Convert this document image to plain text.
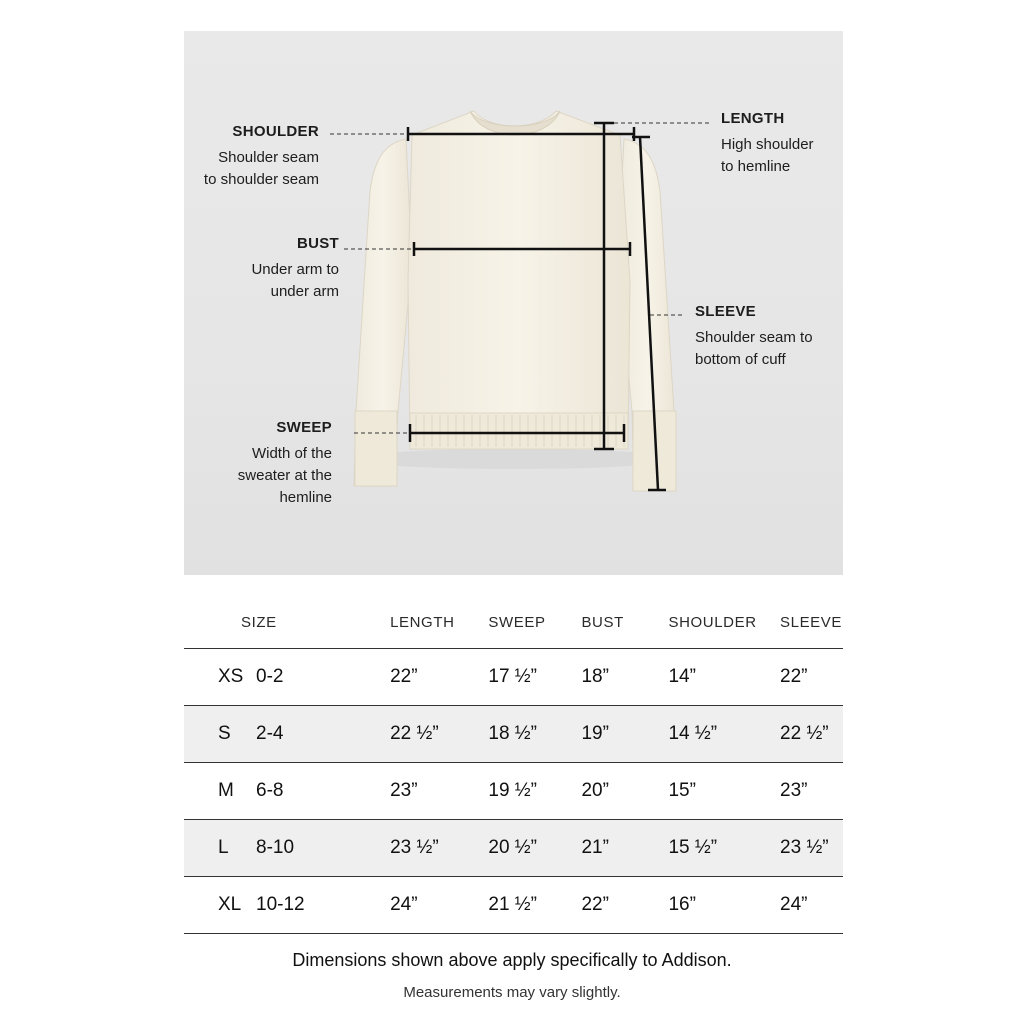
SHOULDER
Shoulder seam
to shoulder seam
BUST
Under arm to
under arm
SWEEP
Width of the
sweater at the
hemline
LENGTH
High shoulder
to hemline
SLEEVE
Shoulder seam to
bottom of cuff
SIZE	LENGTH	SWEEP	BUST	SHOULDER	SLEEVE
XS 0-2	22”	17 ½”	18”	14”	22”
S 2-4	22 ½”	18 ½”	19”	14 ½”	22 ½”
M 6-8	23”	19 ½”	20”	15”	23”
L 8-10	23 ½”	20 ½”	21”	15 ½”	23 ½”
XL 10-12	24”	21 ½”	22”	16”	24”
Dimensions shown above apply specifically to Addison.
Measurements may vary slightly.
